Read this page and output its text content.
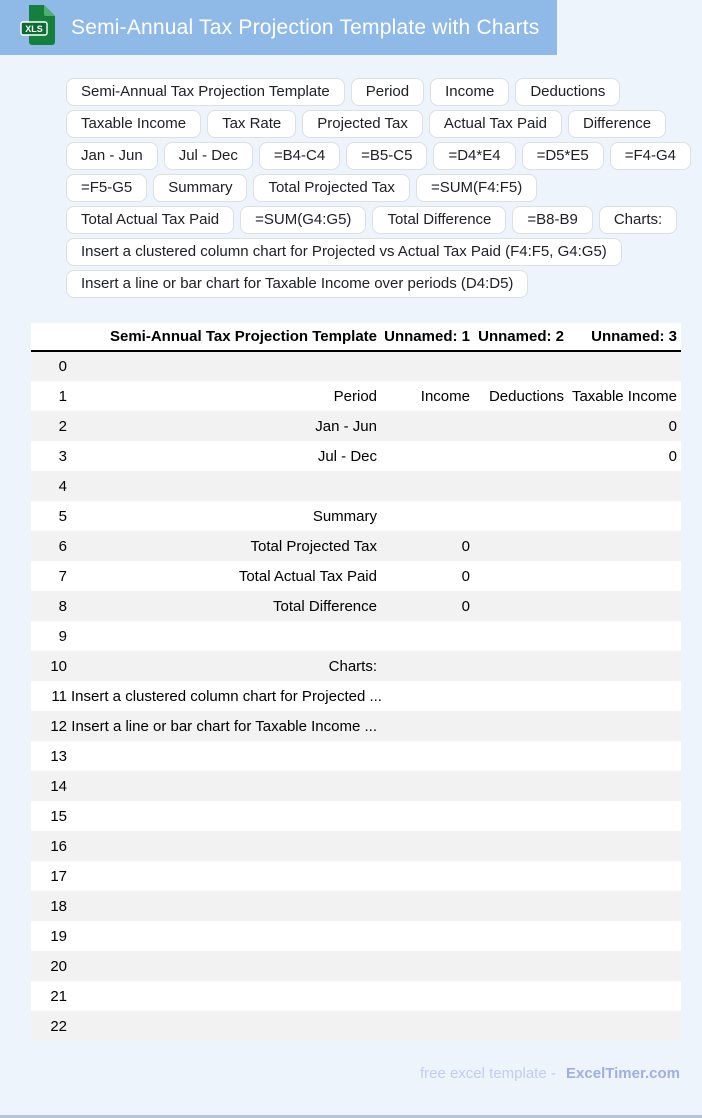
XLS Semi-Annual Tax Projection Template with Charts
Semi-Annual Tax Projection Template	Period	Income	Deductions
Taxable Income	Tax Rate	Projected Tax	Actual Tax Paid	Difference
Jan - Jun	Jul - Dec	=B4-C4	=B5-C5	=D4*E4	=D5*E5	=F4-G4
=F5-G5	Summary	Total Projected Tax	=SUM(F4:F5)
Total Actual Tax Paid	=SUM(G4:G5)	Total Difference	=B8-B9	Charts:
Insert a clustered column chart for Projected vs Actual Tax Paid (F4:F5, G4:G5)
Insert a line or bar chart for Taxable Income over periods (D4:D5)
	Semi-Annual Tax Projection Template	Unnamed: 1	Unnamed: 2	Unnamed: 3
0				
1	Period	Income	Deductions	Taxable Income
2	Jan - Jun			0
3	Jul - Dec			0
4				
5	Summary			
6	Total Projected Tax	0		
7	Total Actual Tax Paid	0		
8	Total Difference	0		
9				
10	Charts:			
11	Insert a clustered column chart for Projected ...			
12	Insert a line or bar chart for Taxable Income ...			
13				
14				
15				
16				
17				
18				
19				
20				
21				
22				
free excel template - ExcelTimer.com
